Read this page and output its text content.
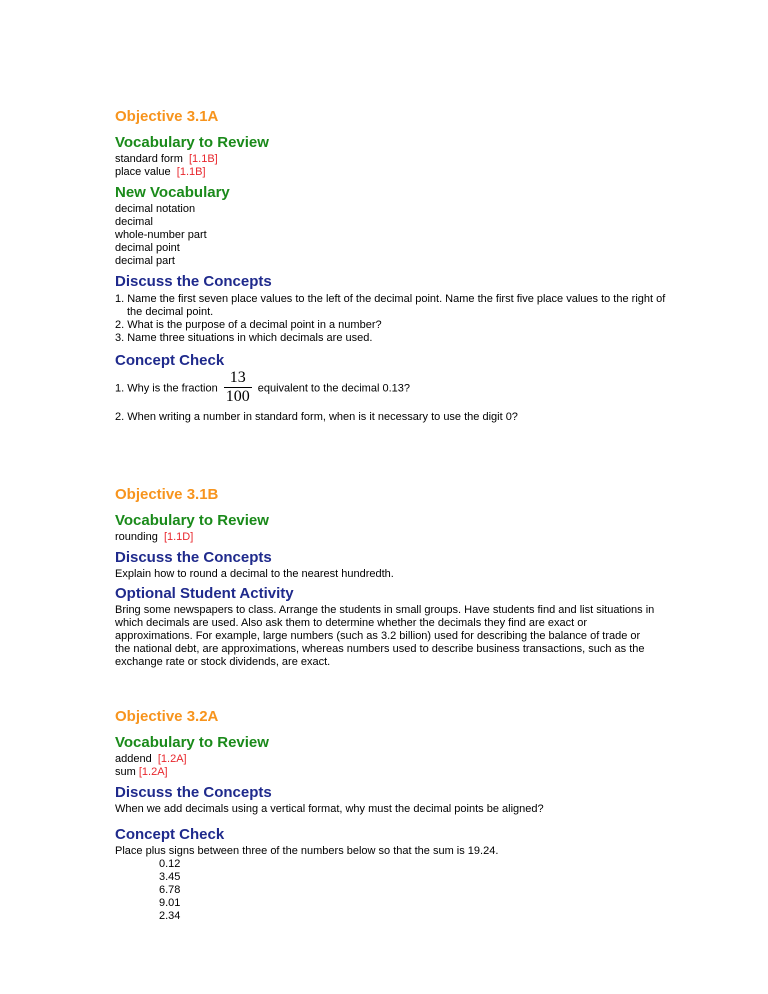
Objective 3.1A

Vocabulary to Review

standard form [1.1B]

place value [1.1B]

New Vocabulary

decimal notation

decimal

whole-number part

decimal point

decimal part

Discuss the Concepts

1. Name the first seven place values to the left of the decimal point. Name the first five place values to the right of the decimal point.

2. What is the purpose of a decimal point in a number?

3. Name three situations in which decimals are used.

Concept Check

1. Why is the fraction $\frac{13}{100}$ equivalent to the decimal 0.13?

2. When writing a number in standard form, when is it necessary to use the digit 0?

Objective 3.1B

Vocabulary to Review

rounding [1.1D]

Discuss the Concepts

Explain how to round a decimal to the nearest hundredth.

Optional Student Activity

Bring some newspapers to class. Arrange the students in small groups. Have students find and list situations in which decimals are used. Also ask them to determine whether the decimals they find are exact or approximations. For example, large numbers (such as 3.2 billion) used for describing the balance of trade or the national debt, are approximations, whereas numbers used to describe business transactions, such as the exchange rate or stock dividends, are exact.

Objective 3.2A

Vocabulary to Review

addend [1.2A]

sum [1.2A]

Discuss the Concepts

When we add decimals using a vertical format, why must the decimal points be aligned?

Concept Check

Place plus signs between three of the numbers below so that the sum is 19.24.

0.12

3.45

6.78

9.01

2.34
